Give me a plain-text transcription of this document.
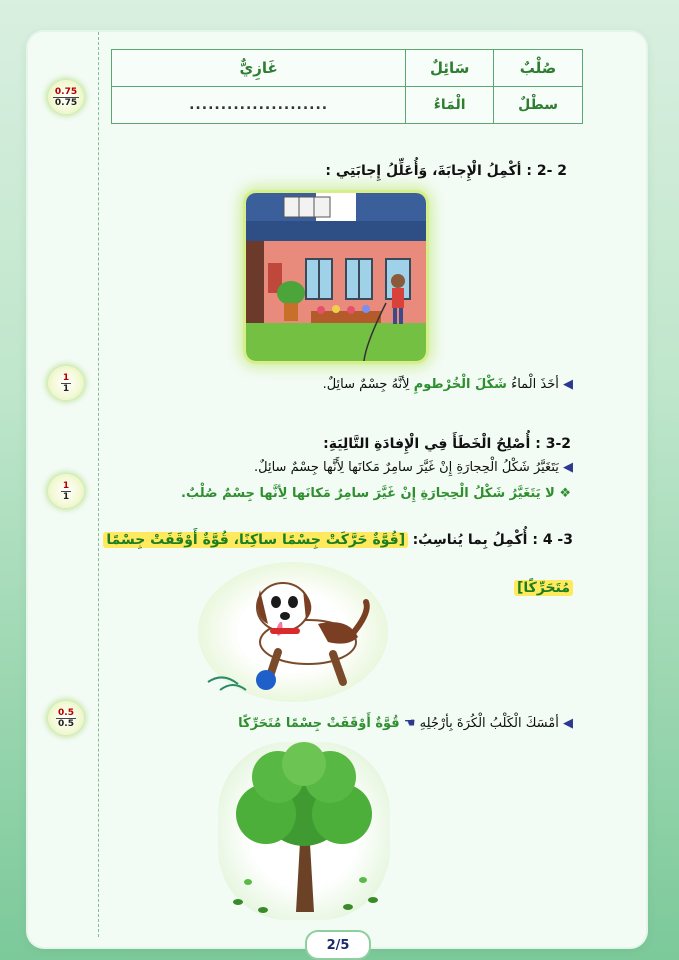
$\frac{0.75}{0.75}$
$\frac{1}{1}$
$\frac{1}{1}$
$\frac{0.5}{0.5}$
صُلْبٌ	سَائِلٌ	غَازِيٌّ
سطْلٌ	الْمَاءُ	......................
2 -2 : أكْمِلُ الْإِجابَةَ، وَأُعَلِّلُ إِجابَتِي :
◀ أخَذَ الْماءُ شَكْلَ الْخُرْطومِ لِأنَّهُ جِسْمٌ سائِلٌ.
3-2 : أُصْلِحُ الْخَطَأَ فِي الْإِفادَةِ التَّالِيَةِ:
◀ يَتَغَيَّرُ شَكْلُ الْحِجارَةِ إِنْ غَيَّرَ سامِرٌ مَكانَها لِأَنَّها جِسْمٌ سائِلٌ.
❖ لا يَتَغَيَّرُ شَكْلُ الْحِجارَةِ إِنْ غَيَّرَ سامِرٌ مَكانَها لِأنَّها جِسْمٌ صُلْبٌ.
3- 4 : أُكْمِلُ بِما يُناسِبُ: [قُوَّةٌ حَرَّكَتْ جِسْمًا ساكِنًا، قُوَّةٌ أَوْقَفَتْ جِسْمًا
مُتَحَرِّكًا]
◀ أمْسَكَ الْكَلْبُ الْكُرَةَ بِأرْجُلِهِ ☚ قُوَّةٌ أَوْقَفَتْ جِسْمًا مُتَحَرِّكًا
2/5
